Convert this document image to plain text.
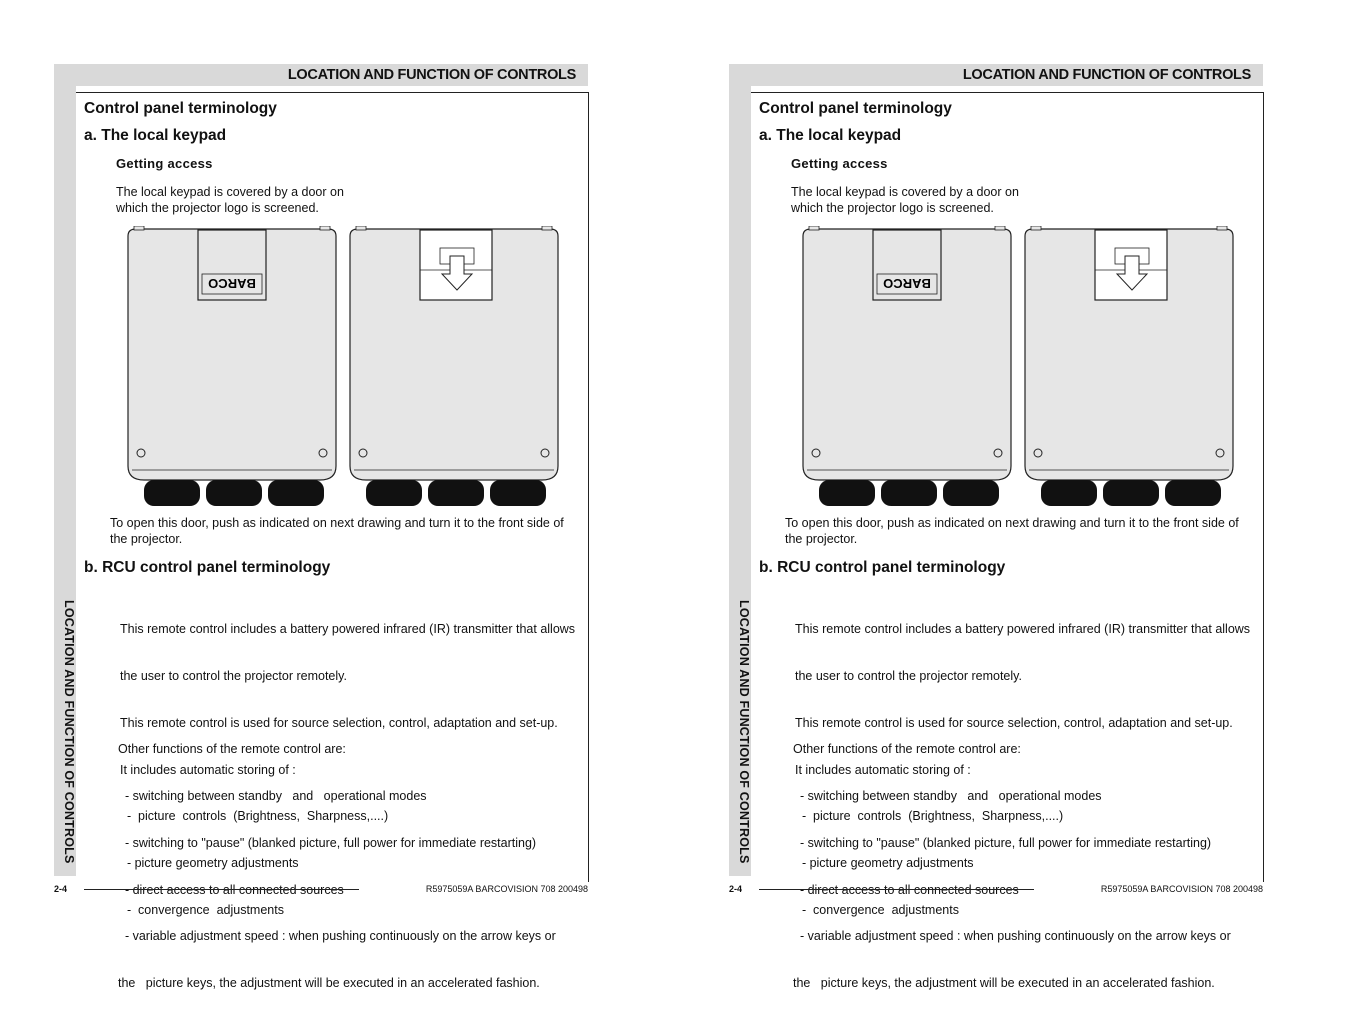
LOCATION AND FUNCTION OF CONTROLS
LOCATION AND FUNCTION OF CONTROLS
Control panel terminology
a. The local keypad
Getting access
The local keypad is covered by a door on
which the projector logo is screened.
BARCO
To open this door, push as indicated on next drawing and turn it to the front side of
the projector.
b. RCU control panel terminology

This remote control includes a battery powered infrared (IR) transmitter that allows

the user to control the projector remotely.

This remote control is used for source selection, control, adaptation and set-up.

It includes automatic storing of :

-  picture  controls  (Brightness,  Sharpness,....)

- picture geometry adjustments

-  convergence  adjustments

Other functions of the remote control are:

- switching between standby   and   operational modes

- switching to "pause" (blanked picture, full power for immediate restarting)

- direct access to all connected sources

- variable adjustment speed : when pushing continuously on the arrow keys or

the   picture keys, the adjustment will be executed in an accelerated fashion.

2-4	R5975059A BARCOVISION 708 200498
LOCATION AND FUNCTION OF CONTROLS
LOCATION AND FUNCTION OF CONTROLS
Control panel terminology
a. The local keypad
Getting access
The local keypad is covered by a door on
which the projector logo is screened.
BARCO
To open this door, push as indicated on next drawing and turn it to the front side of
the projector.
b. RCU control panel terminology

This remote control includes a battery powered infrared (IR) transmitter that allows

the user to control the projector remotely.

This remote control is used for source selection, control, adaptation and set-up.

It includes automatic storing of :

-  picture  controls  (Brightness,  Sharpness,....)

- picture geometry adjustments

-  convergence  adjustments

Other functions of the remote control are:

- switching between standby   and   operational modes

- switching to "pause" (blanked picture, full power for immediate restarting)

- direct access to all connected sources

- variable adjustment speed : when pushing continuously on the arrow keys or

the   picture keys, the adjustment will be executed in an accelerated fashion.

2-4	R5975059A BARCOVISION 708 200498
